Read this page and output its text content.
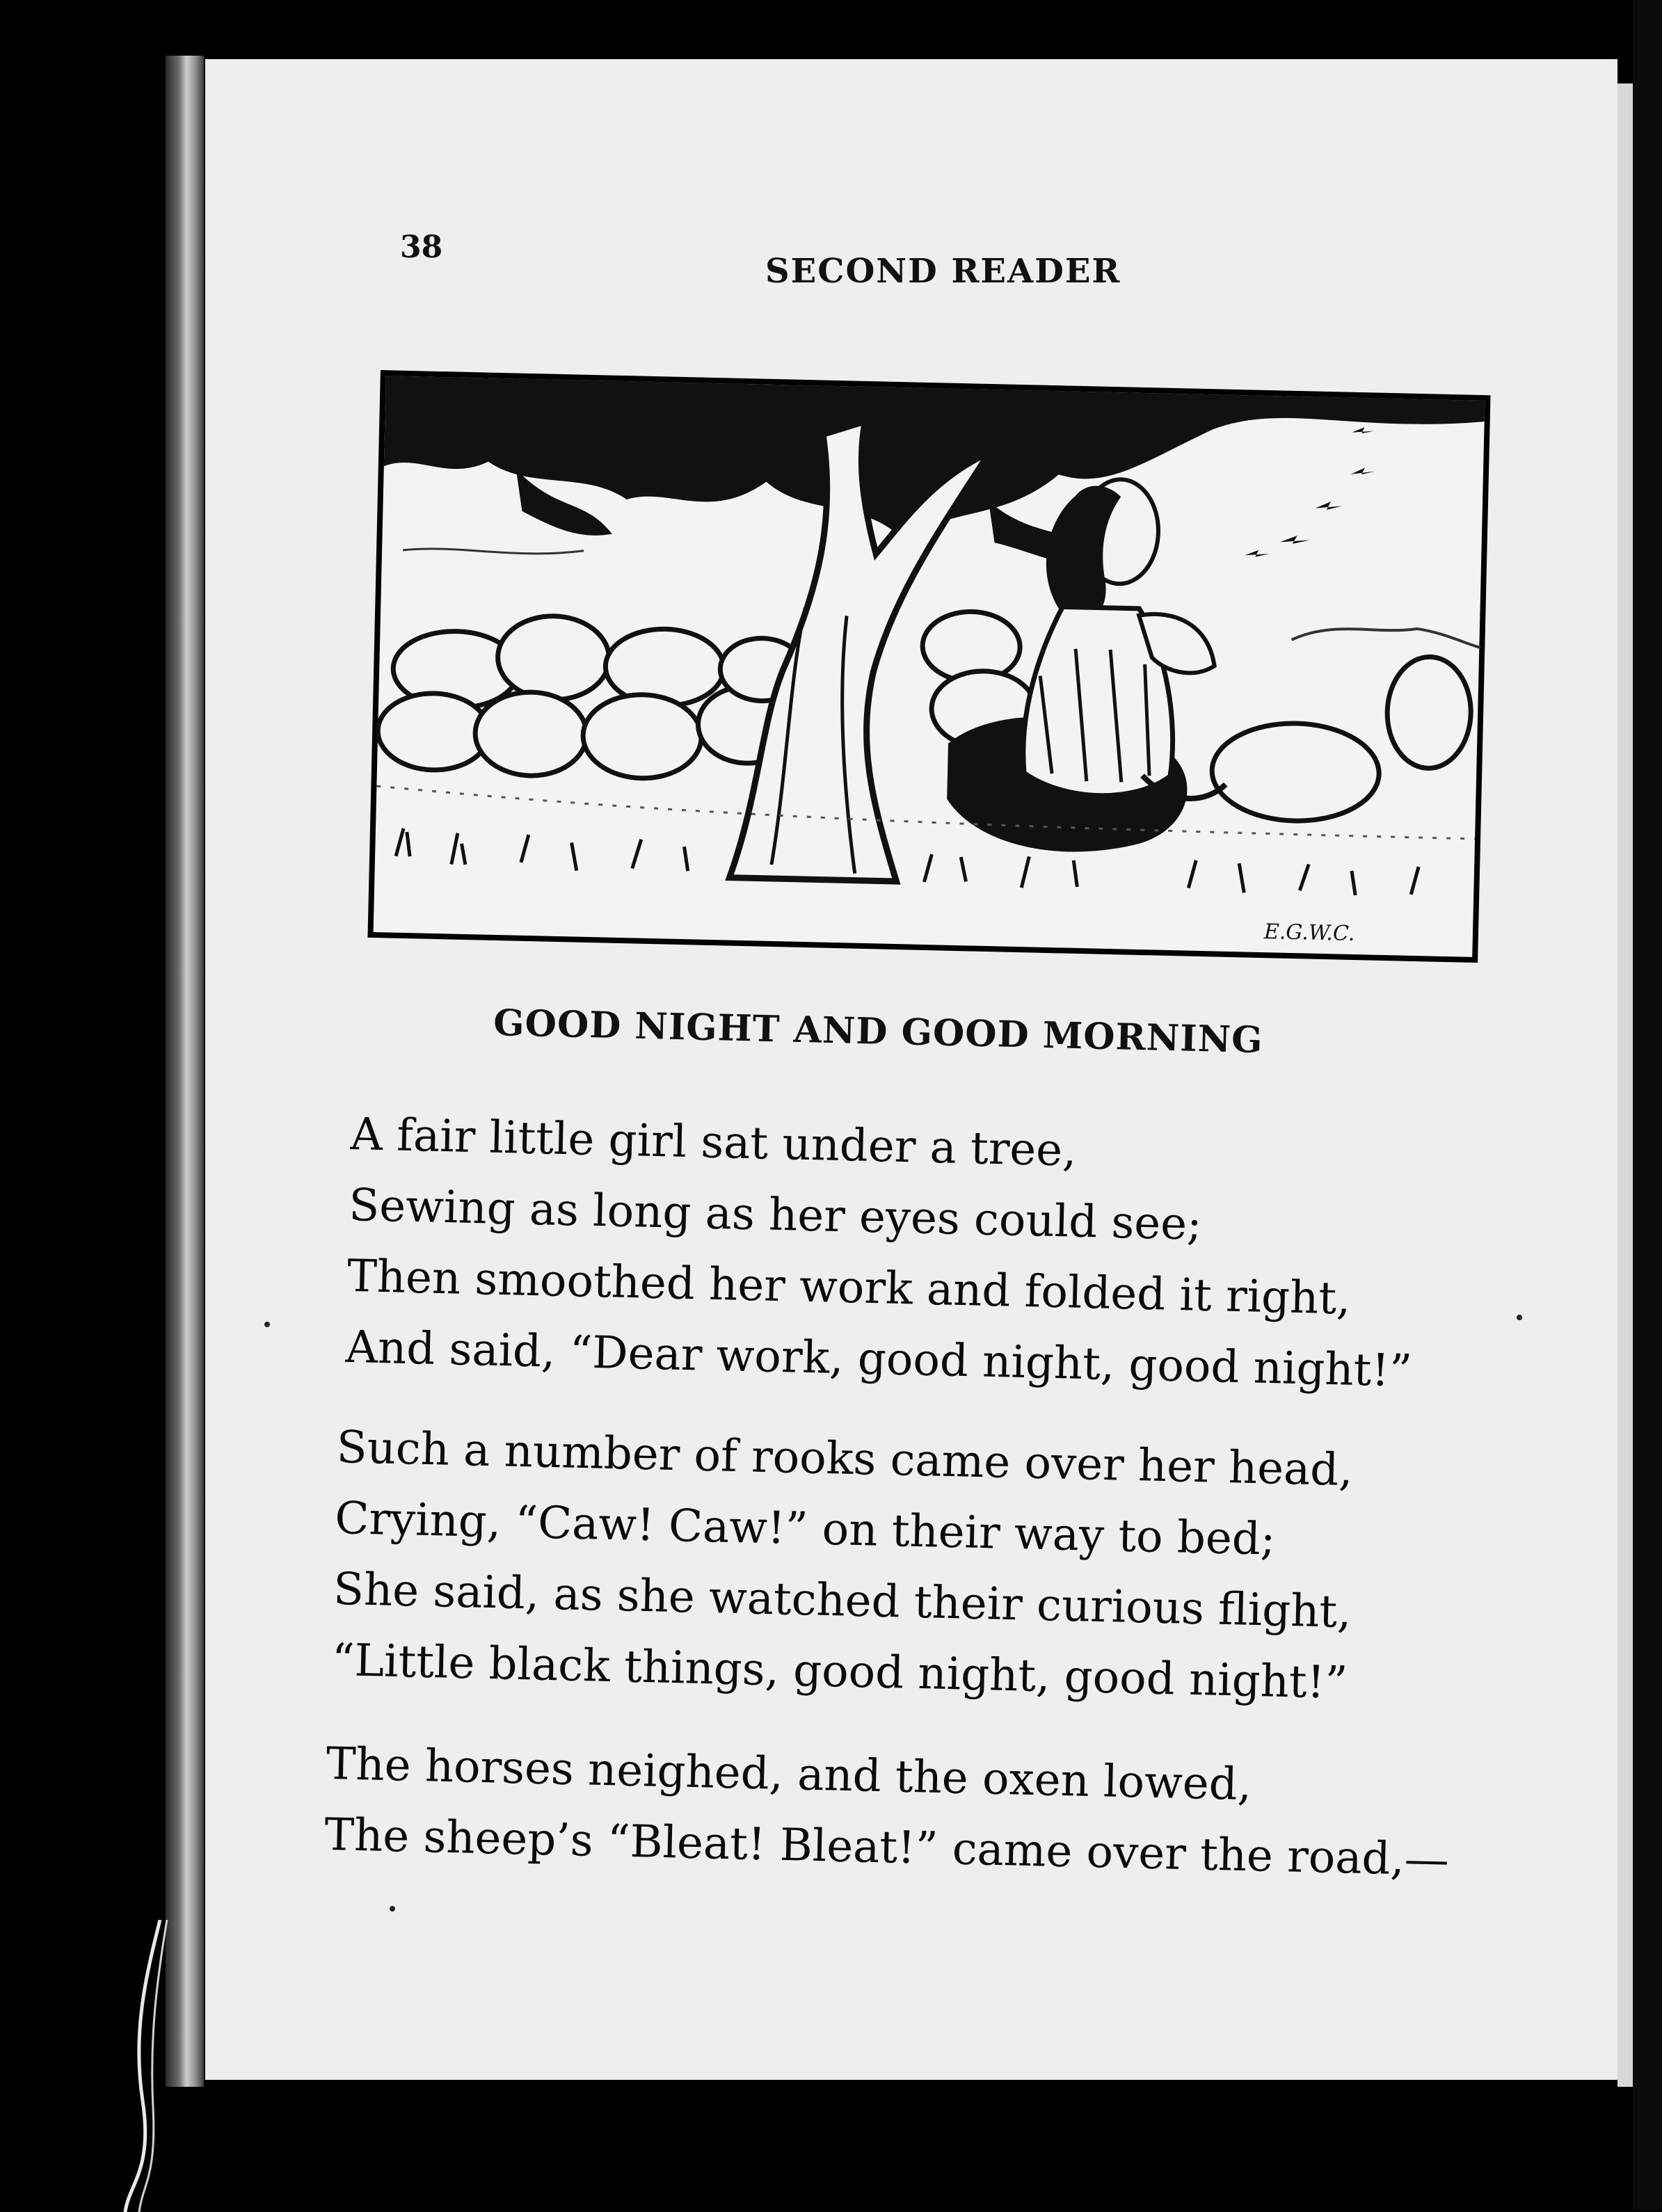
38
SECOND READER
E.G.W.C.
GOOD NIGHT AND GOOD MORNING
A fair little girl sat under a tree,
Sewing as long as her eyes could see;
Then smoothed her work and folded it right,
And said, “Dear work, good night, good night!”
Such a number of rooks came over her head,
Crying, “Caw! Caw!” on their way to bed;
She said, as she watched their curious flight,
“Little black things, good night, good night!”
The horses neighed, and the oxen lowed,
The sheep’s “Bleat! Bleat!” came over the road,—
